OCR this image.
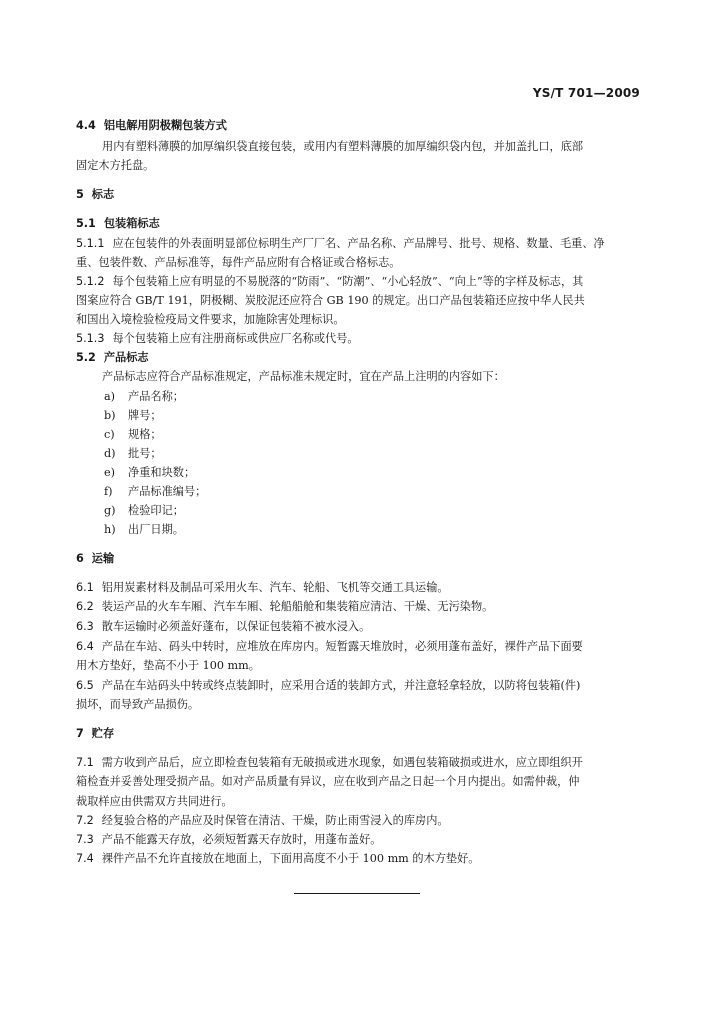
YS/T 701—2009
4.4 铝电解用阴极糊包装方式
用内有塑料薄膜的加厚编织袋直接包装，或用内有塑料薄膜的加厚编织袋内包，并加盖扎口，底部
固定木方托盘。
5 标志
5.1 包装箱标志
5.1.1 应在包装件的外表面明显部位标明生产厂厂名、产品名称、产品牌号、批号、规格、数量、毛重、净
重、包装件数、产品标准等，每件产品应附有合格证或合格标志。
5.1.2 每个包装箱上应有明显的不易脱落的“防雨”、“防潮”、“小心轻放”、“向上”等的字样及标志，其
图案应符合 GB/T 191，阴极糊、炭胶泥还应符合 GB 190 的规定。出口产品包装箱还应按中华人民共
和国出入境检验检疫局文件要求，加施除害处理标识。
5.1.3 每个包装箱上应有注册商标或供应厂名称或代号。
5.2 产品标志
产品标志应符合产品标准规定，产品标准未规定时，宜在产品上注明的内容如下：
a) 产品名称；
b) 牌号；
c) 规格；
d) 批号；
e) 净重和块数；
f) 产品标准编号；
g) 检验印记；
h) 出厂日期。
6 运输
6.1 铝用炭素材料及制品可采用火车、汽车、轮船、飞机等交通工具运输。
6.2 装运产品的火车车厢、汽车车厢、轮船船舱和集装箱应清洁、干燥、无污染物。
6.3 散车运输时必须盖好蓬布，以保证包装箱不被水浸入。
6.4 产品在车站、码头中转时，应堆放在库房内。短暂露天堆放时，必须用蓬布盖好，裸件产品下面要
用木方垫好，垫高不小于 100 mm。
6.5 产品在车站码头中转或终点装卸时，应采用合适的装卸方式，并注意轻拿轻放，以防将包装箱(件)
损坏，而导致产品损伤。
7 贮存
7.1 需方收到产品后，应立即检查包装箱有无破损或进水现象，如遇包装箱破损或进水，应立即组织开
箱检查并妥善处理受损产品。如对产品质量有异议，应在收到产品之日起一个月内提出。如需仲裁，仲
裁取样应由供需双方共同进行。
7.2 经复验合格的产品应及时保管在清洁、干燥，防止雨雪浸入的库房内。
7.3 产品不能露天存放，必须短暂露天存放时，用蓬布盖好。
7.4 裸件产品不允许直接放在地面上，下面用高度不小于 100 mm 的木方垫好。
